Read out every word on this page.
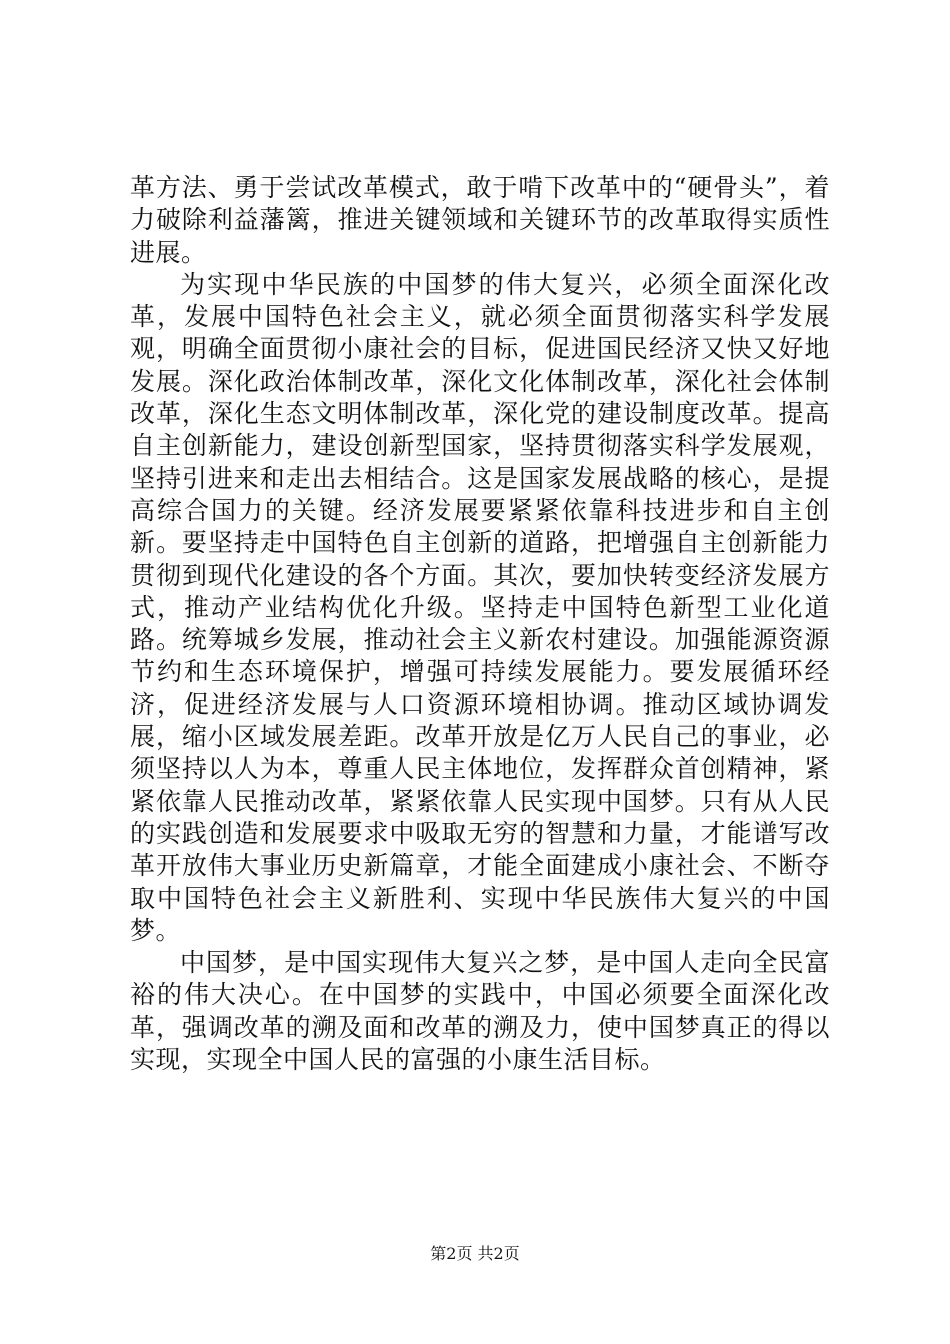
革方法、勇于尝试改革模式，敢于啃下改革中的“硬骨头”，着力破除利益藩篱，推进关键领域和关键环节的改革取得实质性进展。

为实现中华民族的中国梦的伟大复兴，必须全面深化改革，发展中国特色社会主义，就必须全面贯彻落实科学发展观，明确全面贯彻小康社会的目标，促进国民经济又快又好地发展。深化政治体制改革，深化文化体制改革，深化社会体制改革，深化生态文明体制改革，深化党的建设制度改革。提高自主创新能力，建设创新型国家，坚持贯彻落实科学发展观，坚持引进来和走出去相结合。这是国家发展战略的核心，是提高综合国力的关键。经济发展要紧紧依靠科技进步和自主创新。要坚持走中国特色自主创新的道路，把增强自主创新能力贯彻到现代化建设的各个方面。其次，要加快转变经济发展方式，推动产业结构优化升级。坚持走中国特色新型工业化道路。统筹城乡发展，推动社会主义新农村建设。加强能源资源节约和生态环境保护，增强可持续发展能力。要发展循环经济，促进经济发展与人口资源环境相协调。推动区域协调发展，缩小区域发展差距。改革开放是亿万人民自己的事业，必须坚持以人为本，尊重人民主体地位，发挥群众首创精神，紧紧依靠人民推动改革，紧紧依靠人民实现中国梦。只有从人民的实践创造和发展要求中吸取无穷的智慧和力量，才能谱写改革开放伟大事业历史新篇章，才能全面建成小康社会、不断夺取中国特色社会主义新胜利、实现中华民族伟大复兴的中国梦。

中国梦，是中国实现伟大复兴之梦，是中国人走向全民富裕的伟大决心。在中国梦的实践中，中国必须要全面深化改革，强调改革的溯及面和改革的溯及力，使中国梦真正的得以实现，实现全中国人民的富强的小康生活目标。

第2页 共2页
